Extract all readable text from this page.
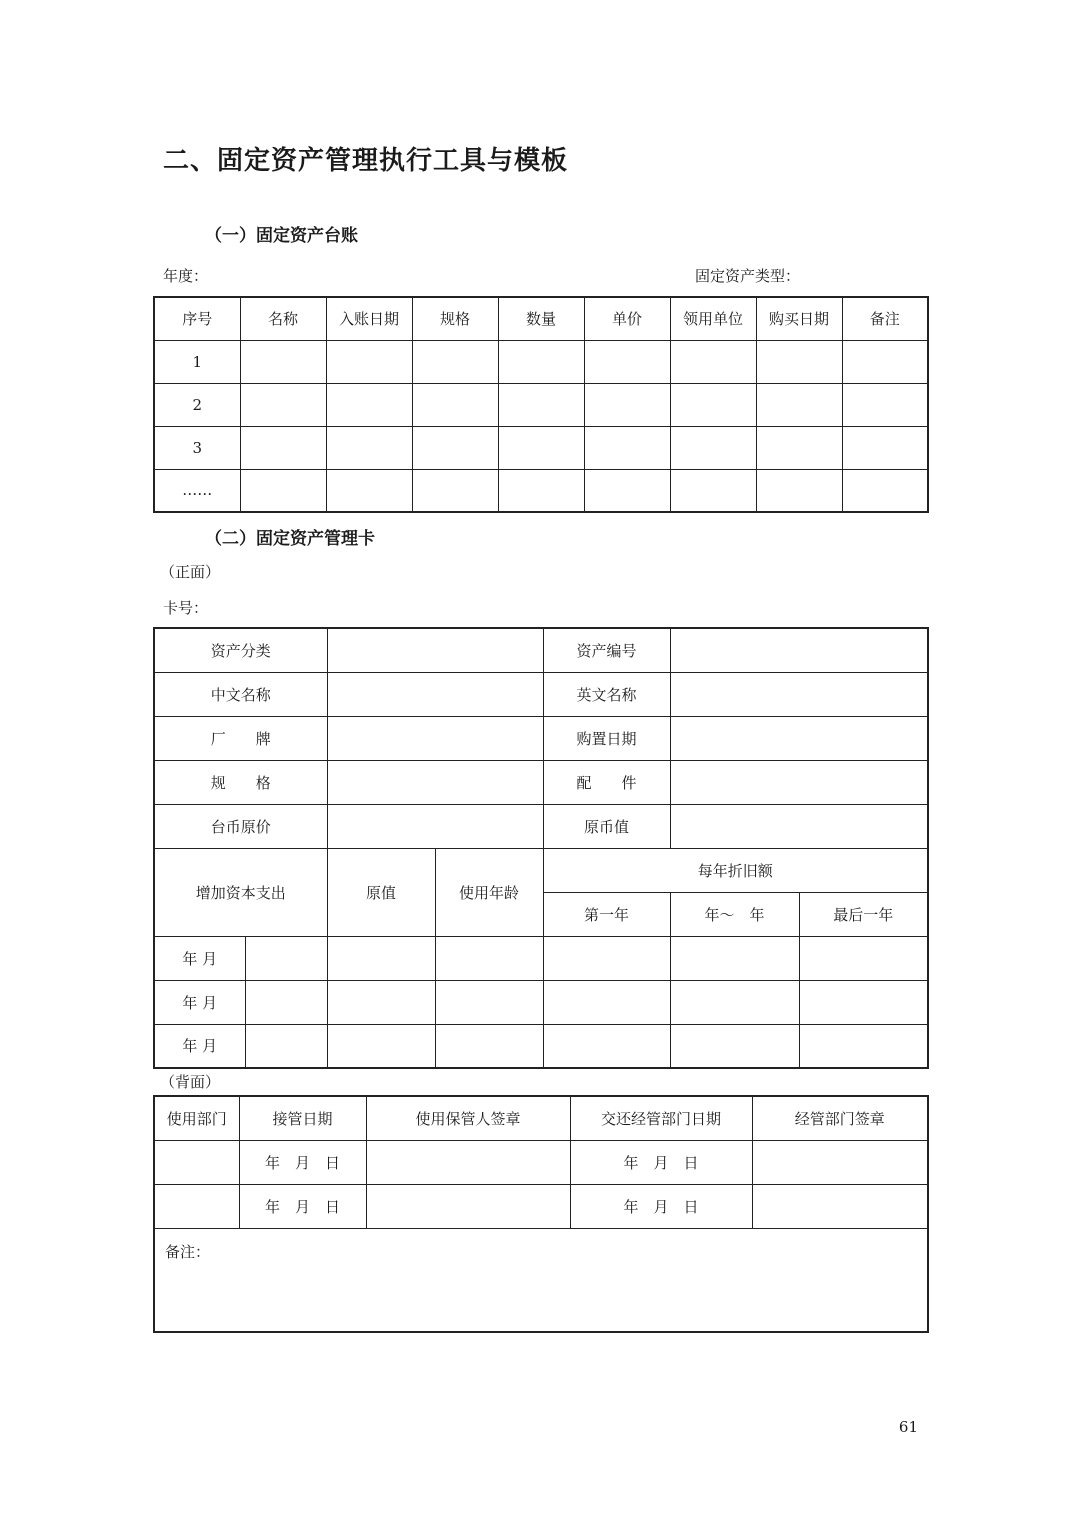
二、固定资产管理执行工具与模板
（一）固定资产台账
年度：	固定资产类型：
序号	名称	入账日期	规格	数量	单价	领用单位	购买日期	备注
1								
2								
3								
……								
（二）固定资产管理卡
（正面）
卡号：
资产分类				资产编号		
中文名称				英文名称		
厂　　牌				购置日期		
规　　格				配　　件		
台币原价				原币值		
增加资本支出		原值	使用年龄	每年折旧额		
				第一年	年～　年	最后一年
年 月						
年 月						
年 月						
（背面）
使用部门	接管日期	使用保管人签章	交还经管部门日期	经管部门签章
	年　月　日		年　月　日	
	年　月　日		年　月　日	
备注：				
61
